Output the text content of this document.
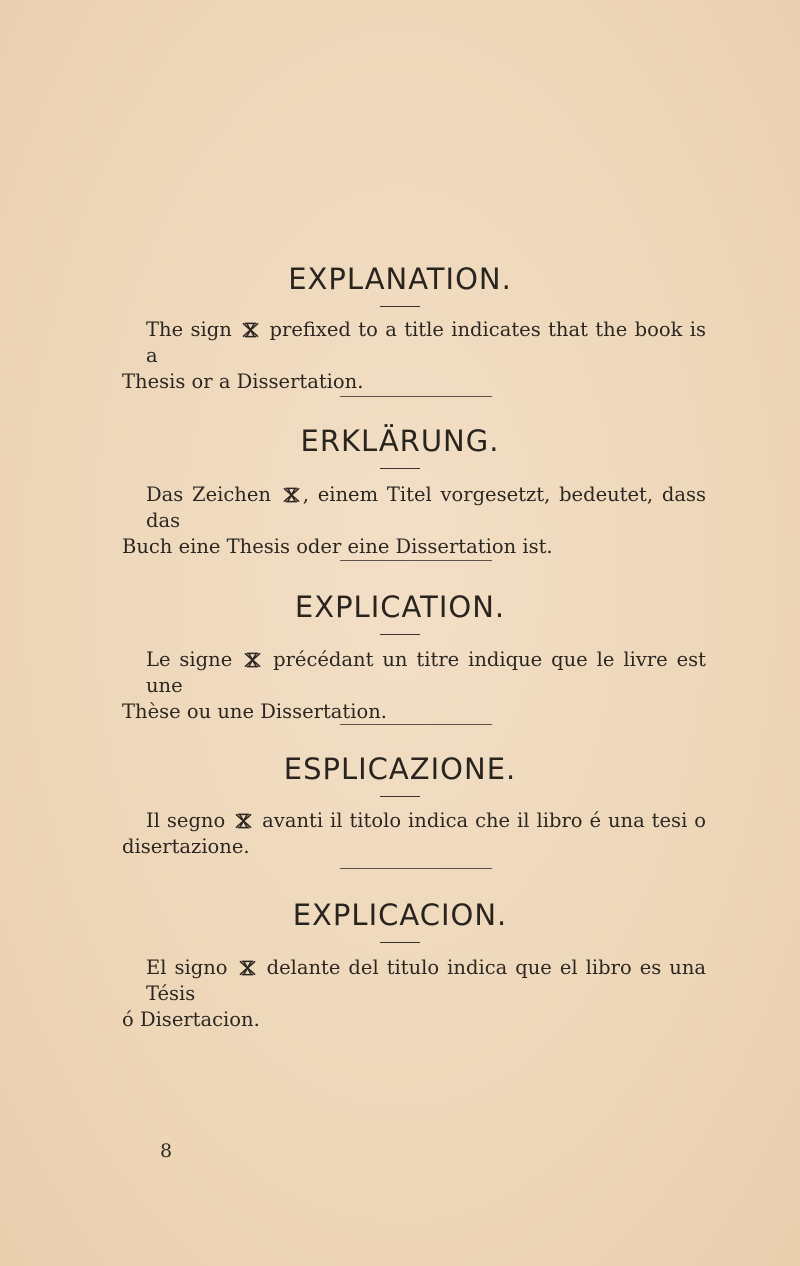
EXPLANATION.
The sign prefixed to a title indicates that the book is a
Thesis or a Dissertation.
ERKLÄRUNG.
Das Zeichen , einem Titel vorgesetzt, bedeutet, dass das
Buch eine Thesis oder eine Dissertation ist.
EXPLICATION.
Le signe précédant un titre indique que le livre est une
Thèse ou une Dissertation.
ESPLICAZIONE.
Il segno avanti il titolo indica che il libro é una tesi o
disertazione.
EXPLICACION.
El signo delante del titulo indica que el libro es una Tésis
ó Disertacion.
8
